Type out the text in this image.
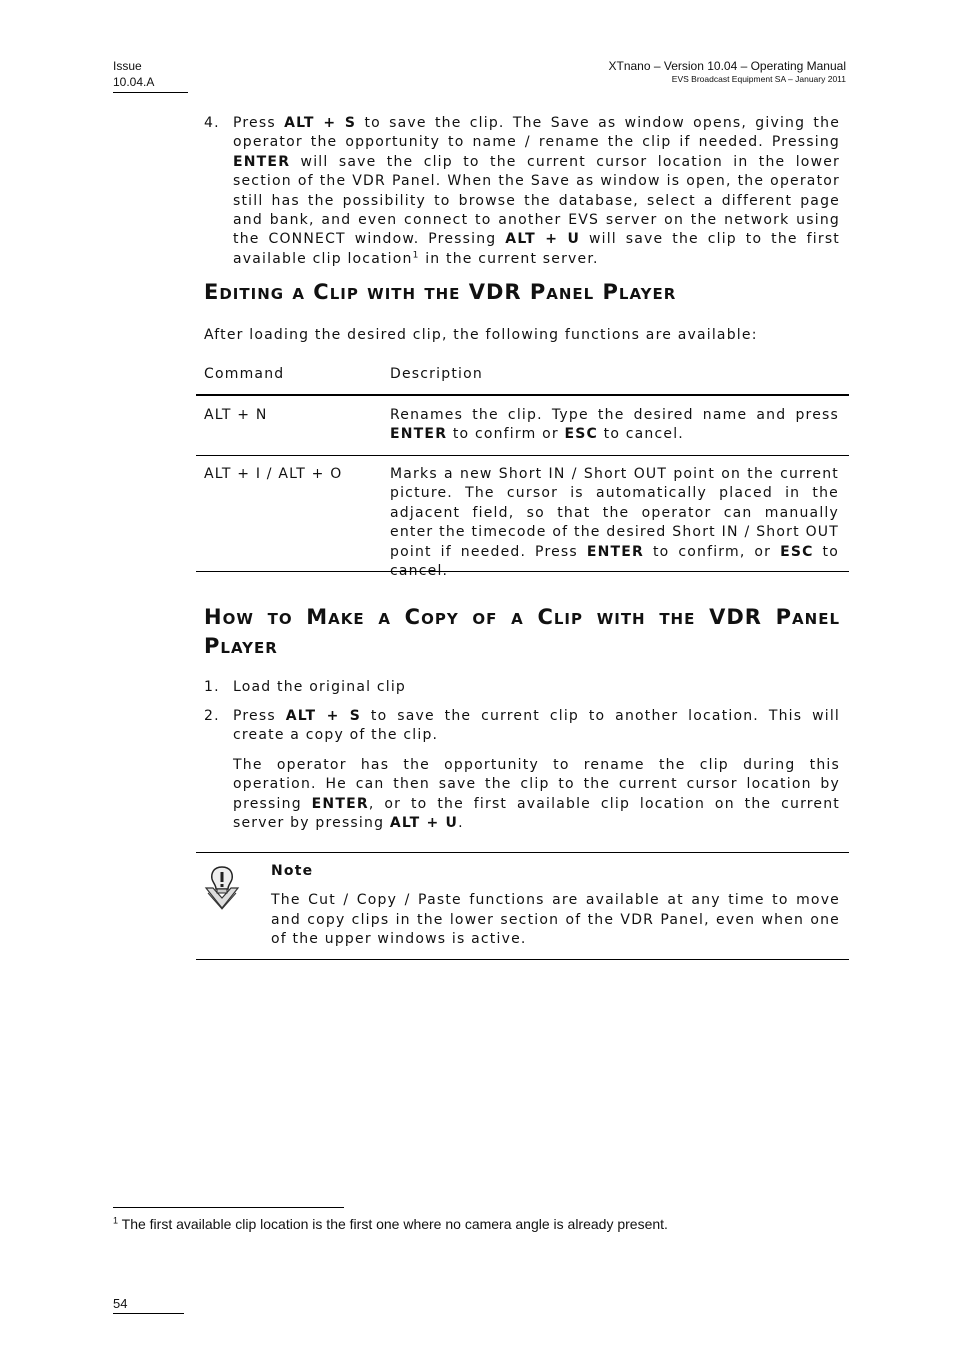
Issue
10.04.A
XTnano – Version 10.04 – Operating Manual
EVS Broadcast Equipment SA – January 2011
4. Press ALT + S to save the clip. The Save as window opens, giving the operator the opportunity to name / rename the clip if needed. Pressing ENTER will save the clip to the current cursor location in the lower section of the VDR Panel. When the Save as window is open, the operator still has the possibility to browse the database, select a different page and bank, and even connect to another EVS server on the network using the CONNECT window. Pressing ALT + U will save the clip to the first available clip location$^1$ in the current server.
Editing a Clip with the VDR Panel Player
After loading the desired clip, the following functions are available:
Command	Description
ALT + N	Renames the clip. Type the desired name and press ENTER to confirm or ESC to cancel.
ALT + I / ALT + O	Marks a new Short IN / Short OUT point on the current picture. The cursor is automatically placed in the adjacent field, so that the operator can manually enter the timecode of the desired Short IN / Short OUT point if needed. Press ENTER to confirm, or ESC to cancel.
How to Make a Copy of a Clip with the VDR Panel Player
1. Load the original clip
2. Press ALT + S to save the current clip to another location. This will create a copy of the clip.
The operator has the opportunity to rename the clip during this operation. He can then save the clip to the current cursor location by pressing ENTER, or to the first available clip location on the current server by pressing ALT + U.
Note
The Cut / Copy / Paste functions are available at any time to move and copy clips in the lower section of the VDR Panel, even when one of the upper windows is active.
$^1$ The first available clip location is the first one where no camera angle is already present.
54
